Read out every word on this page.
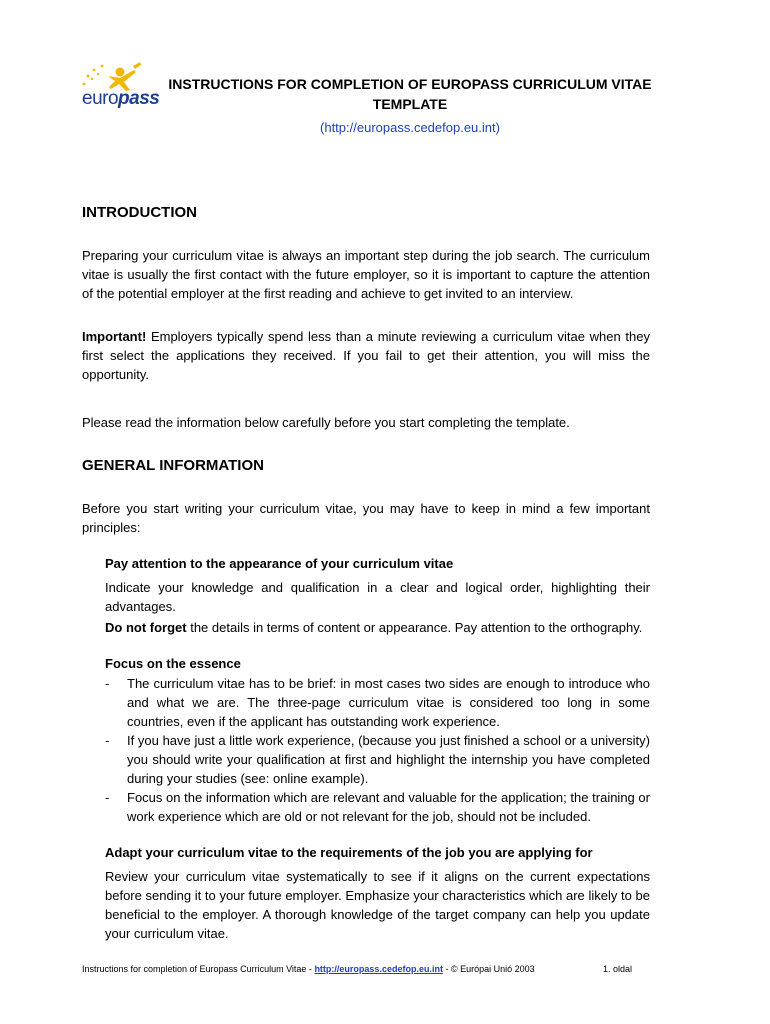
europass
INSTRUCTIONS FOR COMPLETION OF EUROPASS CURRICULUM VITAE TEMPLATE
(http://europass.cedefop.eu.int)
INTRODUCTION

Preparing your curriculum vitae is always an important step during the job search. The curriculum vitae is usually the first contact with the future employer, so it is important to capture the attention of the potential employer at the first reading and achieve to get invited to an interview.

Important! Employers typically spend less than a minute reviewing a curriculum vitae when they first select the applications they received. If you fail to get their attention, you will miss the opportunity.

Please read the information below carefully before you start completing the template.

GENERAL INFORMATION

Before you start writing your curriculum vitae, you may have to keep in mind a few important principles:

Pay attention to the appearance of your curriculum vitae

Indicate your knowledge and qualification in a clear and logical order, highlighting their advantages.

Do not forget the details in terms of content or appearance. Pay attention to the orthography.

Focus on the essence
- The curriculum vitae has to be brief: in most cases two sides are enough to introduce who and what we are. The three-page curriculum vitae is considered too long in some countries, even if the applicant has outstanding work experience.
- If you have just a little work experience, (because you just finished a school or a university) you should write your qualification at first and highlight the internship you have completed during your studies (see: online example).
- Focus on the information which are relevant and valuable for the application; the training or work experience which are old or not relevant for the job, should not be included.
Adapt your curriculum vitae to the requirements of the job you are applying for

Review your curriculum vitae systematically to see if it aligns on the current expectations before sending it to your future employer. Emphasize your characteristics which are likely to be beneficial to the employer. A thorough knowledge of the target company can help you update your curriculum vitae.

Instructions for completion of Europass Curriculum Vitae - http://europass.cedefop.eu.int - © Európai Unió 2003	1. oldal
